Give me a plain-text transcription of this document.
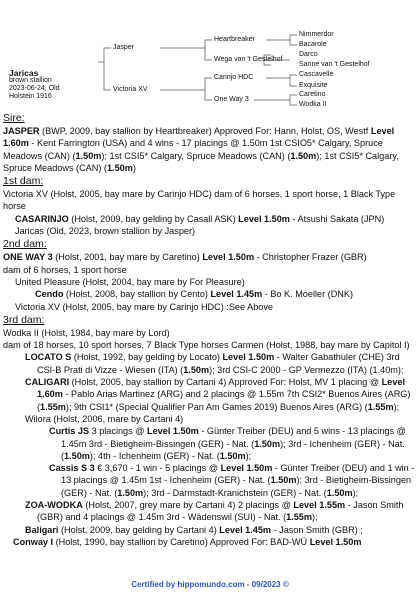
Jaricas
brown stallion
2023-06-24, Old
Holstein 1916
Jasper
Victoria XV
Heartbreaker
Wega van 't Gestelhof
Carinjo HDC
One Way 3
Nimmerdor
Bacarole
Darco
Sanne van 't Gestelhof
Cascavelle
Exquisite
Caretino
Wodka II

Sire:

JASPER (BWP, 2009, bay stallion by Heartbreaker) Approved For: Hann, Holst, OS, Westf Level 1.60m - Kent Farrington (USA) and 4 wins - 17 placings @ 1.50m 1st CSIO5* Calgary, Spruce Meadows (CAN) (1.50m); 1st CSI5* Calgary, Spruce Meadows (CAN) (1.50m); 1st CSI5* Calgary, Spruce Meadows (CAN) (1.50m)

1st dam:

Victoria XV (Holst, 2005, bay mare by Carinjo HDC) dam of 6 horses, 1 sport horse, 1 Black Type horse

CASARINJO (Holst, 2009, bay gelding by Casall ASK) Level 1.50m - Atsushi Sakata (JPN)

Jaricas (Old, 2023, brown stallion by Jasper)

2nd dam:

ONE WAY 3 (Holst, 2001, bay mare by Caretino) Level 1.50m - Christopher Frazer (GBR)

dam of 6 horses, 1 sport horse

United Pleasure (Holst, 2004, bay mare by For Pleasure)

Cendo (Holst, 2008, bay stallion by Cento) Level 1.45m - Bo K. Moeller (DNK)

Victoria XV (Holst, 2005, bay mare by Carinjo HDC) :See Above

3rd dam:

Wodka II (Holst, 1984, bay mare by Lord)

dam of 18 horses, 10 sport horses, 7 Black Type horses Carmen (Holst, 1988, bay mare by Capitol I)

LOCATO S (Holst, 1992, bay gelding by Locato) Level 1.50m - Walter Gabathuler (CHE) 3rd CSI-B Prati di Vizze - Wiesen (ITA) (1.50m); 3rd CSI-C 2000 - GP Vermezzo (ITA) (1.40m);

CALIGARI (Holst, 2005, bay stallion by Cartani 4) Approved For: Holst, MV 1 placing @ Level 1.60m - Pablo Arias Martinez (ARG) and 2 placings @ 1.55m 7th CSI2* Buenos Aires (ARG) (1.55m); 9th CSI1* (Special Qualifier Pan Am Games 2019) Buenos Aires (ARG) (1.55m);

Wilora (Holst, 2006, mare by Cartani 4)

Curtis JS 3 placings @ Level 1.50m - Günter Treiber (DEU) and 5 wins - 13 placings @ 1.45m 3rd - Bietigheim-Bissingen (GER) - Nat. (1.50m); 3rd - Ichenheim (GER) - Nat. (1.50m); 4th - Ichenheim (GER) - Nat. (1.50m);

Cassis S 3 € 3,670 - 1 win - 5 placings @ Level 1.50m - Günter Treiber (DEU) and 1 win - 13 placings @ 1.45m 1st - Ichenheim (GER) - Nat. (1.50m); 3rd - Bietigheim-Bissingen (GER) - Nat. (1.50m); 3rd - Darmstadt-Kranichstein (GER) - Nat. (1.50m);

ZOA-WODKA (Holst, 2007, grey mare by Cartani 4) 2 placings @ Level 1.55m - Jason Smith (GBR) and 4 placings @ 1.45m 3rd - Wädenswil (SUI) - Nat. (1.55m);

Baligari (Holst, 2009, bay gelding by Cartani 4) Level 1.45m - Jason Smith (GBR) ;

Conway I (Holst, 1990, bay stallion by Caretino) Approved For: BAD-WÜ Level 1.50m

Certified by hippomundo.com - 09/2023 ©
